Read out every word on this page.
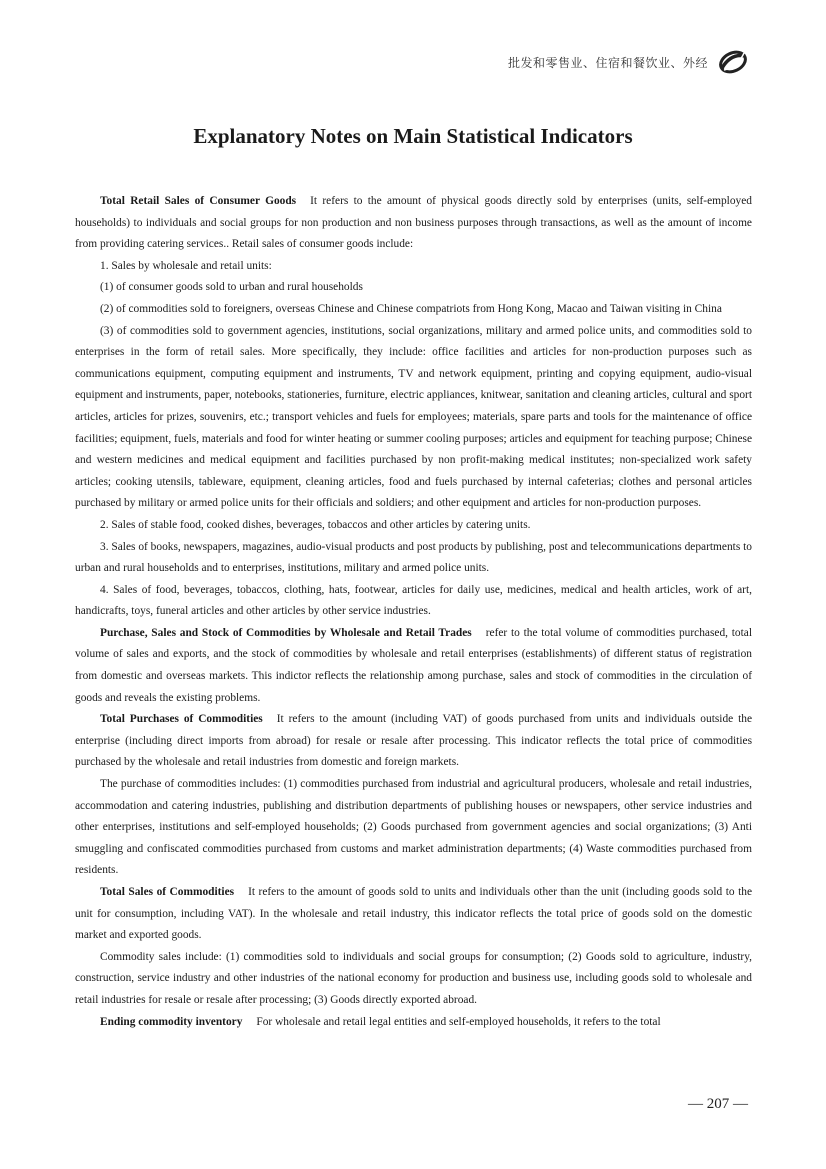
批发和零售业、住宿和餐饮业、外经
Explanatory Notes on Main Statistical Indicators

Total Retail Sales of Consumer Goods It refers to the amount of physical goods directly sold by enterprises (units, self-employed households) to individuals and social groups for non production and non business purposes through transactions, as well as the amount of income from providing catering services.. Retail sales of consumer goods include:

1. Sales by wholesale and retail units:

(1) of consumer goods sold to urban and rural households

(2) of commodities sold to foreigners, overseas Chinese and Chinese compatriots from Hong Kong, Macao and Taiwan visiting in China

(3) of commodities sold to government agencies, institutions, social organizations, military and armed police units, and commodities sold to enterprises in the form of retail sales. More specifically, they include: office facilities and articles for non-production purposes such as communications equipment, computing equipment and instruments, TV and network equipment, printing and copying equipment, audio-visual equipment and instruments, paper, notebooks, stationeries, furniture, electric appliances, knitwear, sanitation and cleaning articles, cultural and sport articles, articles for prizes, souvenirs, etc.; transport vehicles and fuels for employees; materials, spare parts and tools for the maintenance of office facilities; equipment, fuels, materials and food for winter heating or summer cooling purposes; articles and equipment for teaching purpose; Chinese and western medicines and medical equipment and facilities purchased by non profit-making medical institutes; non-specialized work safety articles; cooking utensils, tableware, equipment, cleaning articles, food and fuels purchased by internal cafeterias; clothes and personal articles purchased by military or armed police units for their officials and soldiers; and other equipment and articles for non-production purposes.

2. Sales of stable food, cooked dishes, beverages, tobaccos and other articles by catering units.

3. Sales of books, newspapers, magazines, audio-visual products and post products by publishing, post and telecommunications departments to urban and rural households and to enterprises, institutions, military and armed police units.

4. Sales of food, beverages, tobaccos, clothing, hats, footwear, articles for daily use, medicines, medical and health articles, work of art, handicrafts, toys, funeral articles and other articles by other service industries.

Purchase, Sales and Stock of Commodities by Wholesale and Retail Trades refer to the total volume of commodities purchased, total volume of sales and exports, and the stock of commodities by wholesale and retail enterprises (establishments) of different status of registration from domestic and overseas markets. This indictor reflects the relationship among purchase, sales and stock of commodities in the circulation of goods and reveals the existing problems.

Total Purchases of Commodities It refers to the amount (including VAT) of goods purchased from units and individuals outside the enterprise (including direct imports from abroad) for resale or resale after processing. This indicator reflects the total price of commodities purchased by the wholesale and retail industries from domestic and foreign markets.

The purchase of commodities includes: (1) commodities purchased from industrial and agricultural producers, wholesale and retail industries, accommodation and catering industries, publishing and distribution departments of publishing houses or newspapers, other service industries and other enterprises, institutions and self-employed households; (2) Goods purchased from government agencies and social organizations; (3) Anti smuggling and confiscated commodities purchased from customs and market administration departments; (4) Waste commodities purchased from residents.

Total Sales of Commodities It refers to the amount of goods sold to units and individuals other than the unit (including goods sold to the unit for consumption, including VAT). In the wholesale and retail industry, this indicator reflects the total price of goods sold on the domestic market and exported goods.

Commodity sales include: (1) commodities sold to individuals and social groups for consumption; (2) Goods sold to agriculture, industry, construction, service industry and other industries of the national economy for production and business use, including goods sold to wholesale and retail industries for resale or resale after processing; (3) Goods directly exported abroad.

Ending commodity inventory For wholesale and retail legal entities and self-employed households, it refers to the total

— 207 —
